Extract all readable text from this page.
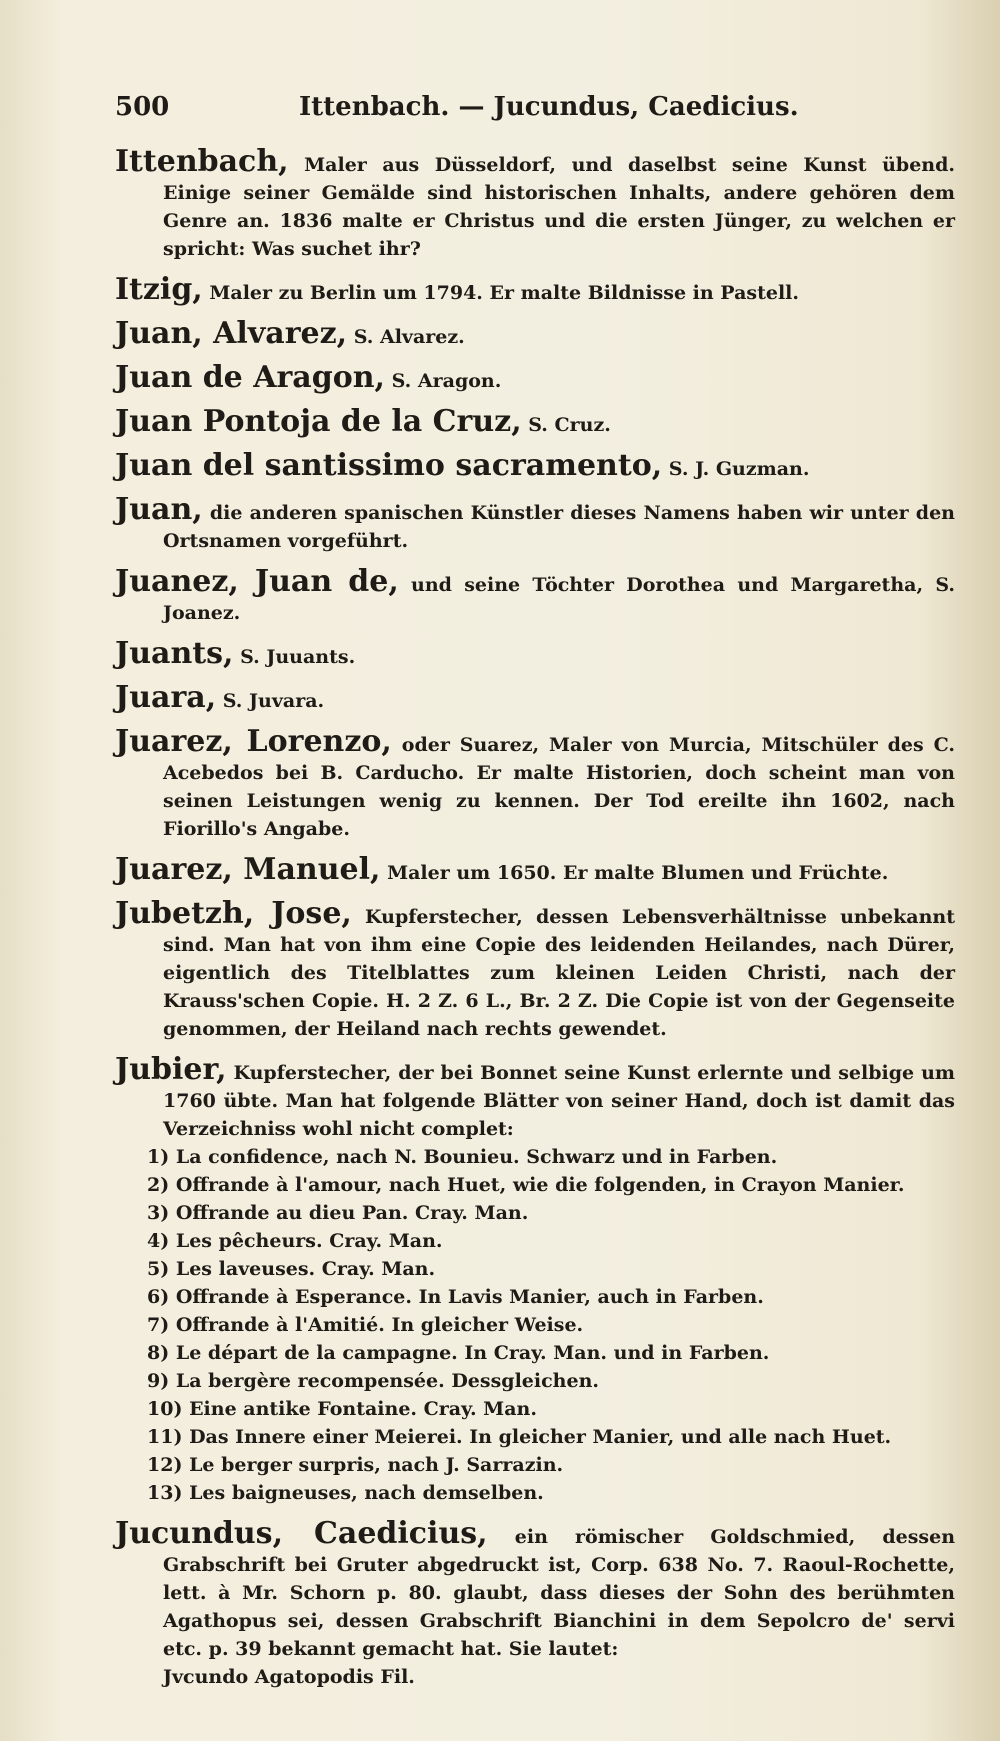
500	Ittenbach. — Jucundus, Caedicius.

Ittenbach, Maler aus Düsseldorf, und daselbst seine Kunst übend. Einige seiner Gemälde sind historischen Inhalts, andere gehören dem Genre an. 1836 malte er Christus und die ersten Jünger, zu welchen er spricht: Was suchet ihr?

Itzig, Maler zu Berlin um 1794. Er malte Bildnisse in Pastell.

Juan, Alvarez, S. Alvarez.

Juan de Aragon, S. Aragon.

Juan Pontoja de la Cruz, S. Cruz.

Juan del santissimo sacramento, S. J. Guzman.

Juan, die anderen spanischen Künstler dieses Namens haben wir unter den Ortsnamen vorgeführt.

Juanez, Juan de, und seine Töchter Dorothea und Margaretha, S. Joanez.

Juants, S. Juuants.

Juara, S. Juvara.

Juarez, Lorenzo, oder Suarez, Maler von Murcia, Mitschüler des C. Acebedos bei B. Carducho. Er malte Historien, doch scheint man von seinen Leistungen wenig zu kennen. Der Tod ereilte ihn 1602, nach Fiorillo's Angabe.

Juarez, Manuel, Maler um 1650. Er malte Blumen und Früchte.

Jubetzh, Jose, Kupferstecher, dessen Lebensverhältnisse unbekannt sind. Man hat von ihm eine Copie des leidenden Heilandes, nach Dürer, eigentlich des Titelblattes zum kleinen Leiden Christi, nach der Krauss'schen Copie. H. 2 Z. 6 L., Br. 2 Z. Die Copie ist von der Gegenseite genommen, der Heiland nach rechts gewendet.

Jubier, Kupferstecher, der bei Bonnet seine Kunst erlernte und selbige um 1760 übte. Man hat folgende Blätter von seiner Hand, doch ist damit das Verzeichniss wohl nicht complet:

1) La confidence, nach N. Bounieu. Schwarz und in Farben.

2) Offrande à l'amour, nach Huet, wie die folgenden, in Crayon Manier.

3) Offrande au dieu Pan. Cray. Man.

4) Les pêcheurs. Cray. Man.

5) Les laveuses. Cray. Man.

6) Offrande à Esperance. In Lavis Manier, auch in Farben.

7) Offrande à l'Amitié. In gleicher Weise.

8) Le départ de la campagne. In Cray. Man. und in Farben.

9) La bergère recompensée. Dessgleichen.

10) Eine antike Fontaine. Cray. Man.

11) Das Innere einer Meierei. In gleicher Manier, und alle nach Huet.

12) Le berger surpris, nach J. Sarrazin.

13) Les baigneuses, nach demselben.

Jucundus, Caedicius, ein römischer Goldschmied, dessen Grabschrift bei Gruter abgedruckt ist, Corp. 638 No. 7. Raoul-Rochette, lett. à Mr. Schorn p. 80. glaubt, dass dieses der Sohn des berühmten Agathopus sei, dessen Grabschrift Bianchini in dem Sepolcro de' servi etc. p. 39 bekannt gemacht hat. Sie lautet:

Jvcundo Agatopodis Fil.
